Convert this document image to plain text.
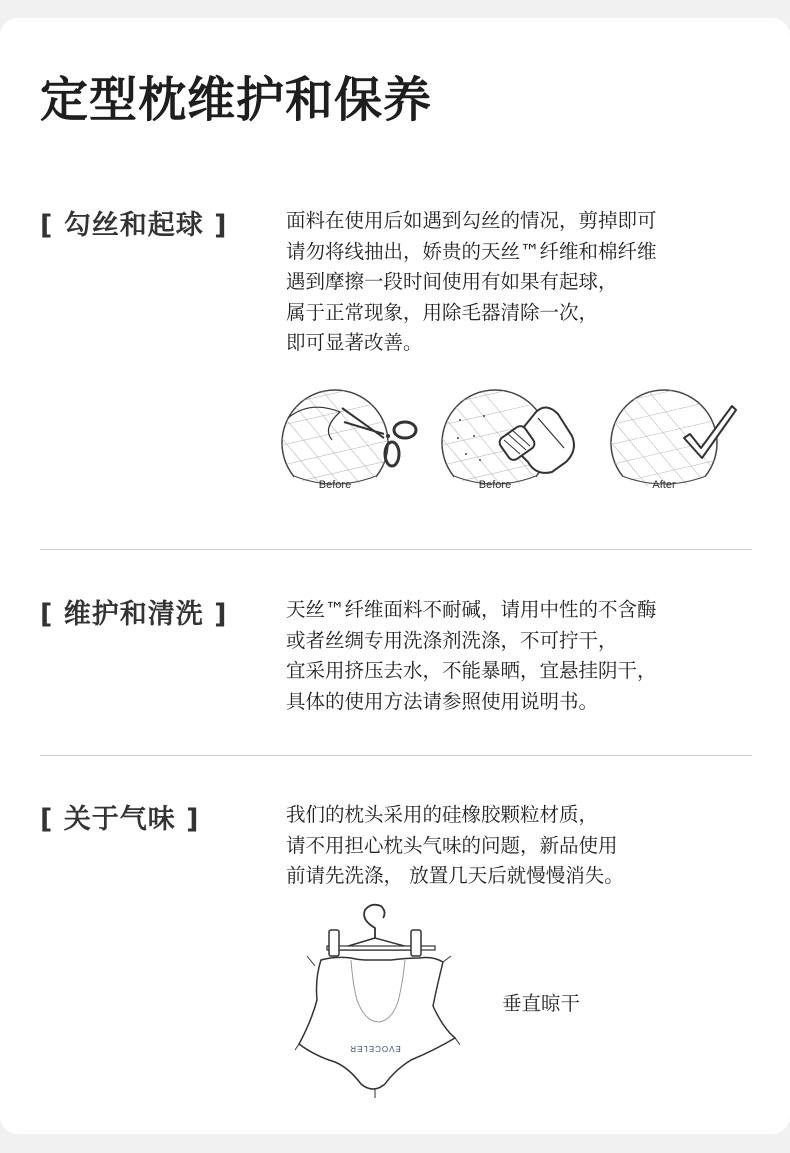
定型枕维护和保养
[ 勾丝和起球 ]	面料在使用后如遇到勾丝的情况，剪掉即可
请勿将线抽出，娇贵的天丝™纤维和棉纤维
遇到摩擦一段时间使用有如果有起球，
属于正常现象，用除毛器清除一次，
即可显著改善。
Before	Before	After
[ 维护和清洗 ]	天丝™纤维面料不耐碱，请用中性的不含酶
或者丝绸专用洗涤剂洗涤，不可拧干，
宜采用挤压去水，不能暴晒，宜悬挂阴干，
具体的使用方法请参照使用说明书。
[ 关于气味 ]	我们的枕头采用的硅橡胶颗粒材质，
请不用担心枕头气味的问题，新品使用
前请先洗涤， 放置几天后就慢慢消失。
EVOCELER
垂直晾干
